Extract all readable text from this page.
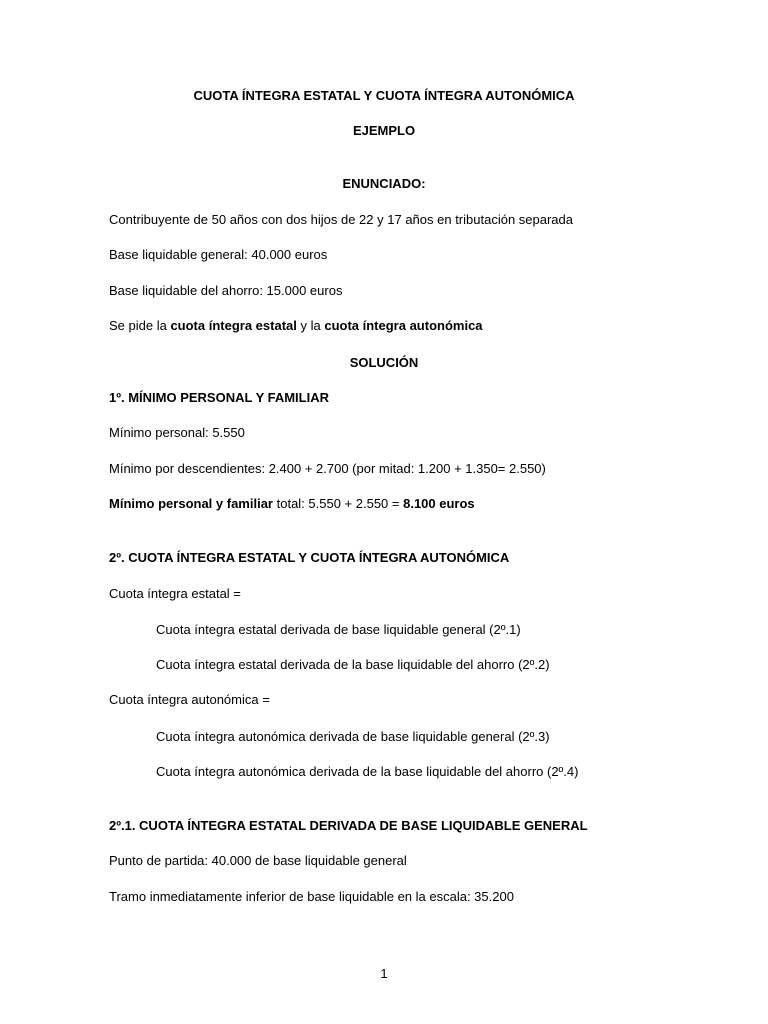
CUOTA ÍNTEGRA ESTATAL Y CUOTA ÍNTEGRA AUTONÓMICA
EJEMPLO
ENUNCIADO:
Contribuyente de 50 años con dos hijos de 22 y 17 años en tributación separada
Base liquidable general: 40.000 euros
Base liquidable del ahorro: 15.000 euros
Se pide la cuota íntegra estatal y la cuota íntegra autonómica
SOLUCIÓN
1º. MÍNIMO PERSONAL Y FAMILIAR
Mínimo personal: 5.550
Mínimo por descendientes: 2.400 + 2.700 (por mitad: 1.200 + 1.350= 2.550)
Mínimo personal y familiar total: 5.550 + 2.550 = 8.100 euros
2º. CUOTA ÍNTEGRA ESTATAL Y CUOTA ÍNTEGRA AUTONÓMICA
Cuota íntegra estatal =
Cuota íntegra estatal derivada de base liquidable general (2º.1)
Cuota íntegra estatal derivada de la base liquidable del ahorro (2º.2)
Cuota íntegra autonómica =
Cuota íntegra autonómica derivada de base liquidable general (2º.3)
Cuota íntegra autonómica derivada de la base liquidable del ahorro (2º.4)
2º.1. CUOTA ÍNTEGRA ESTATAL DERIVADA DE BASE LIQUIDABLE GENERAL
Punto de partida: 40.000 de base liquidable general
Tramo inmediatamente inferior de base liquidable en la escala: 35.200
1
